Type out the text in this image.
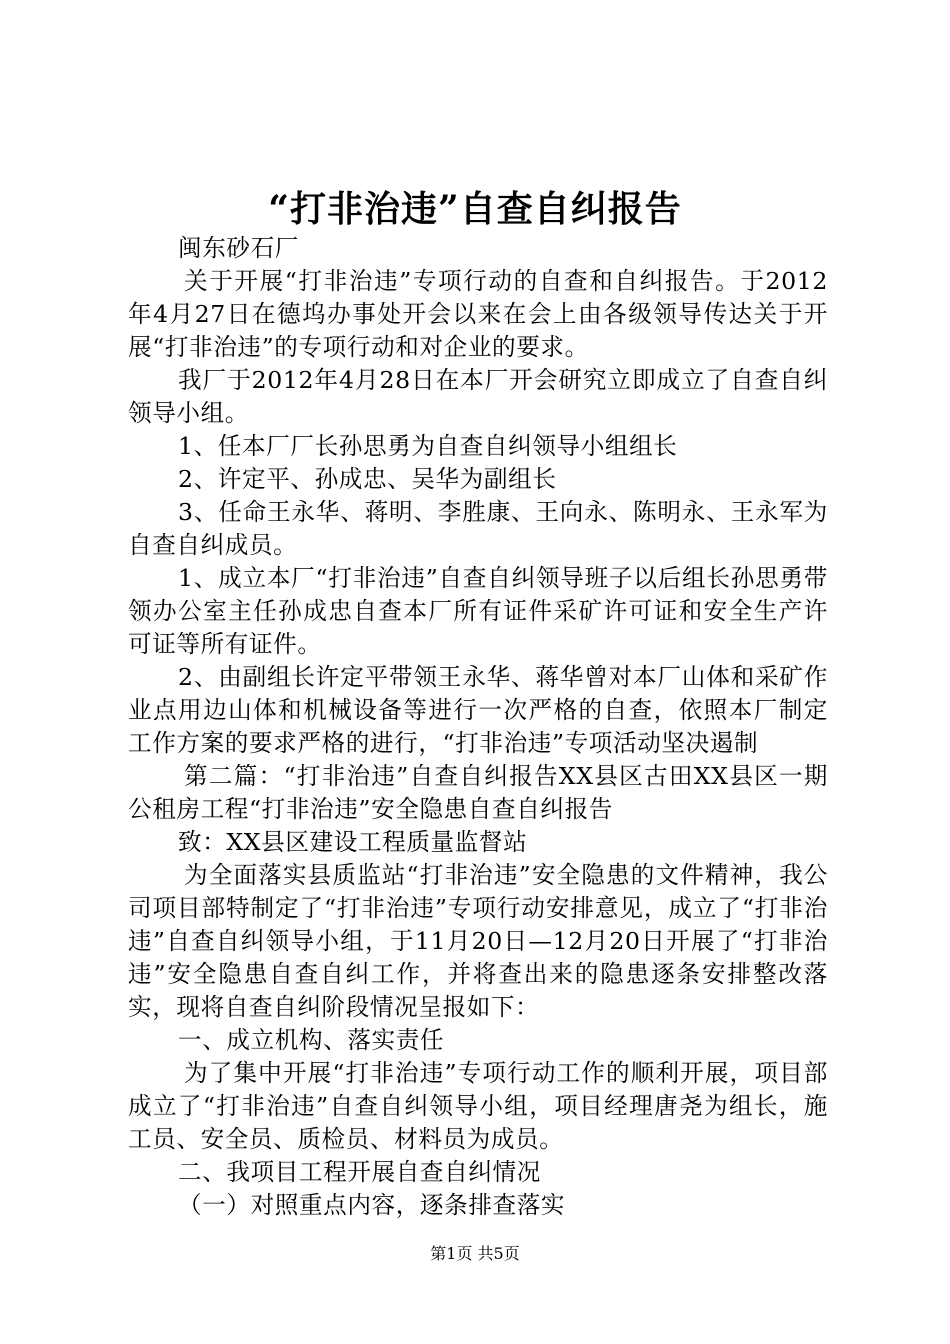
“打非治违”自查自纠报告

闽东砂石厂

关于开展“打非治违”专项行动的自查和自纠报告。于2012年4月27日在德坞办事处开会以来在会上由各级领导传达关于开展“打非治违”的专项行动和对企业的要求。

我厂于2012年4月28日在本厂开会研究立即成立了自查自纠领导小组。

1、任本厂厂长孙思勇为自查自纠领导小组组长

2、许定平、孙成忠、吴华为副组长

3、任命王永华、蒋明、李胜康、王向永、陈明永、王永军为自查自纠成员。

1、成立本厂“打非治违”自查自纠领导班子以后组长孙思勇带领办公室主任孙成忠自查本厂所有证件采矿许可证和安全生产许可证等所有证件。

2、由副组长许定平带领王永华、蒋华曾对本厂山体和采矿作业点用边山体和机械设备等进行一次严格的自查，依照本厂制定工作方案的要求严格的进行，“打非治违”专项活动坚决遏制

第二篇：“打非治违”自查自纠报告XX县区古田XX县区一期公租房工程“打非治违”安全隐患自查自纠报告

致：XX县区建设工程质量监督站

为全面落实县质监站“打非治违”安全隐患的文件精神，我公司项目部特制定了“打非治违”专项行动安排意见，成立了“打非治违”自查自纠领导小组，于11月20日—12月20日开展了“打非治违”安全隐患自查自纠工作，并将查出来的隐患逐条安排整改落实，现将自查自纠阶段情况呈报如下：

一、成立机构、落实责任

为了集中开展“打非治违”专项行动工作的顺利开展，项目部成立了“打非治违”自查自纠领导小组，项目经理唐尧为组长，施工员、安全员、质检员、材料员为成员。

二、我项目工程开展自查自纠情况

（一）对照重点内容，逐条排查落实

第1页 共5页
